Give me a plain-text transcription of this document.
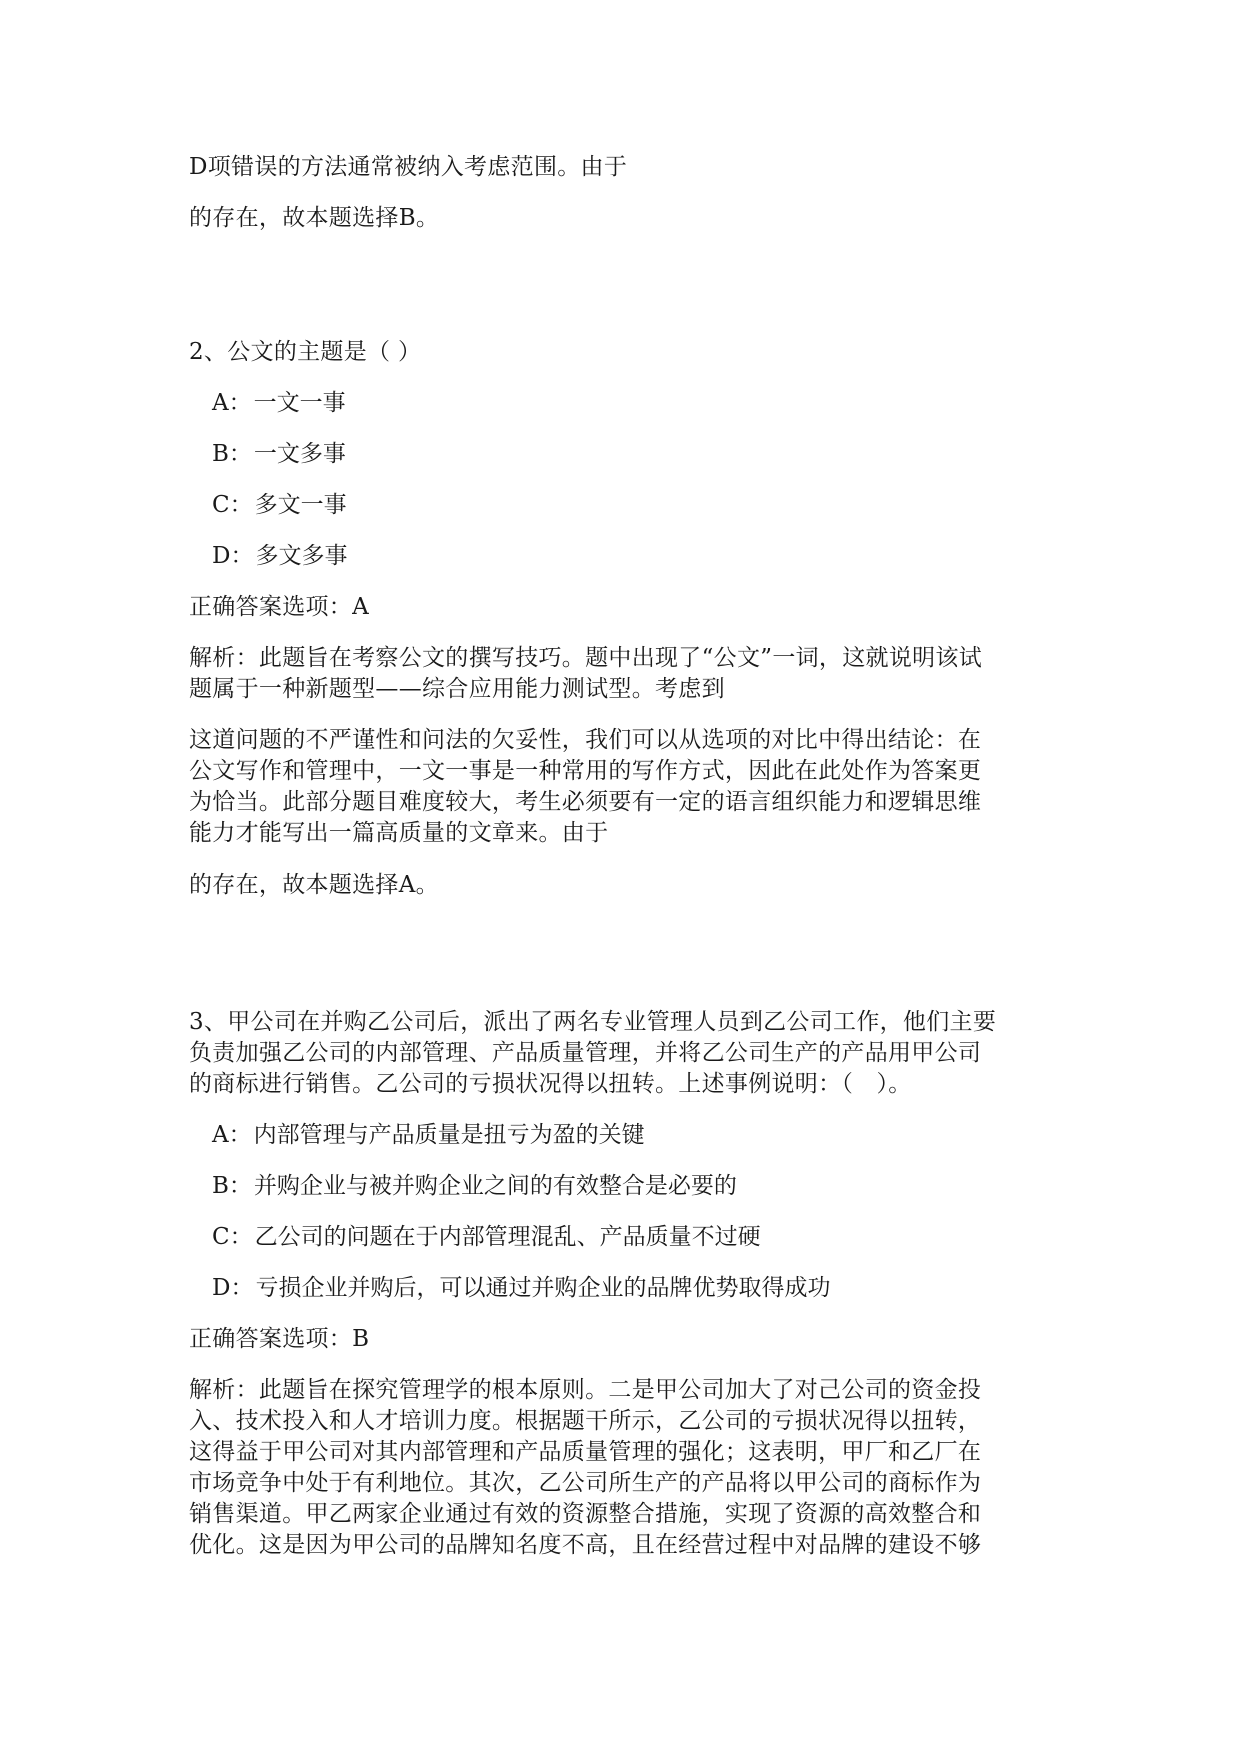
D项错误的方法通常被纳入考虑范围。由于
的存在，故本题选择B。
2、公文的主题是（ ）
A：一文一事
B：一文多事
C：多文一事
D：多文多事
正确答案选项：A
解析：此题旨在考察公文的撰写技巧。题中出现了“公文”一词，这就说明该试
题属于一种新题型——综合应用能力测试型。考虑到
这道问题的不严谨性和问法的欠妥性，我们可以从选项的对比中得出结论：在
公文写作和管理中，一文一事是一种常用的写作方式，因此在此处作为答案更
为恰当。此部分题目难度较大，考生必须要有一定的语言组织能力和逻辑思维
能力才能写出一篇高质量的文章来。由于
的存在，故本题选择A。
3、甲公司在并购乙公司后，派出了两名专业管理人员到乙公司工作，他们主要
负责加强乙公司的内部管理、产品质量管理，并将乙公司生产的产品用甲公司
的商标进行销售。乙公司的亏损状况得以扭转。上述事例说明：（　）。
A：内部管理与产品质量是扭亏为盈的关键
B：并购企业与被并购企业之间的有效整合是必要的
C：乙公司的问题在于内部管理混乱、产品质量不过硬
D：亏损企业并购后，可以通过并购企业的品牌优势取得成功
正确答案选项：B
解析：此题旨在探究管理学的根本原则。二是甲公司加大了对己公司的资金投
入、技术投入和人才培训力度。根据题干所示，乙公司的亏损状况得以扭转，
这得益于甲公司对其内部管理和产品质量管理的强化；这表明，甲厂和乙厂在
市场竞争中处于有利地位。其次，乙公司所生产的产品将以甲公司的商标作为
销售渠道。甲乙两家企业通过有效的资源整合措施，实现了资源的高效整合和
优化。这是因为甲公司的品牌知名度不高，且在经营过程中对品牌的建设不够
